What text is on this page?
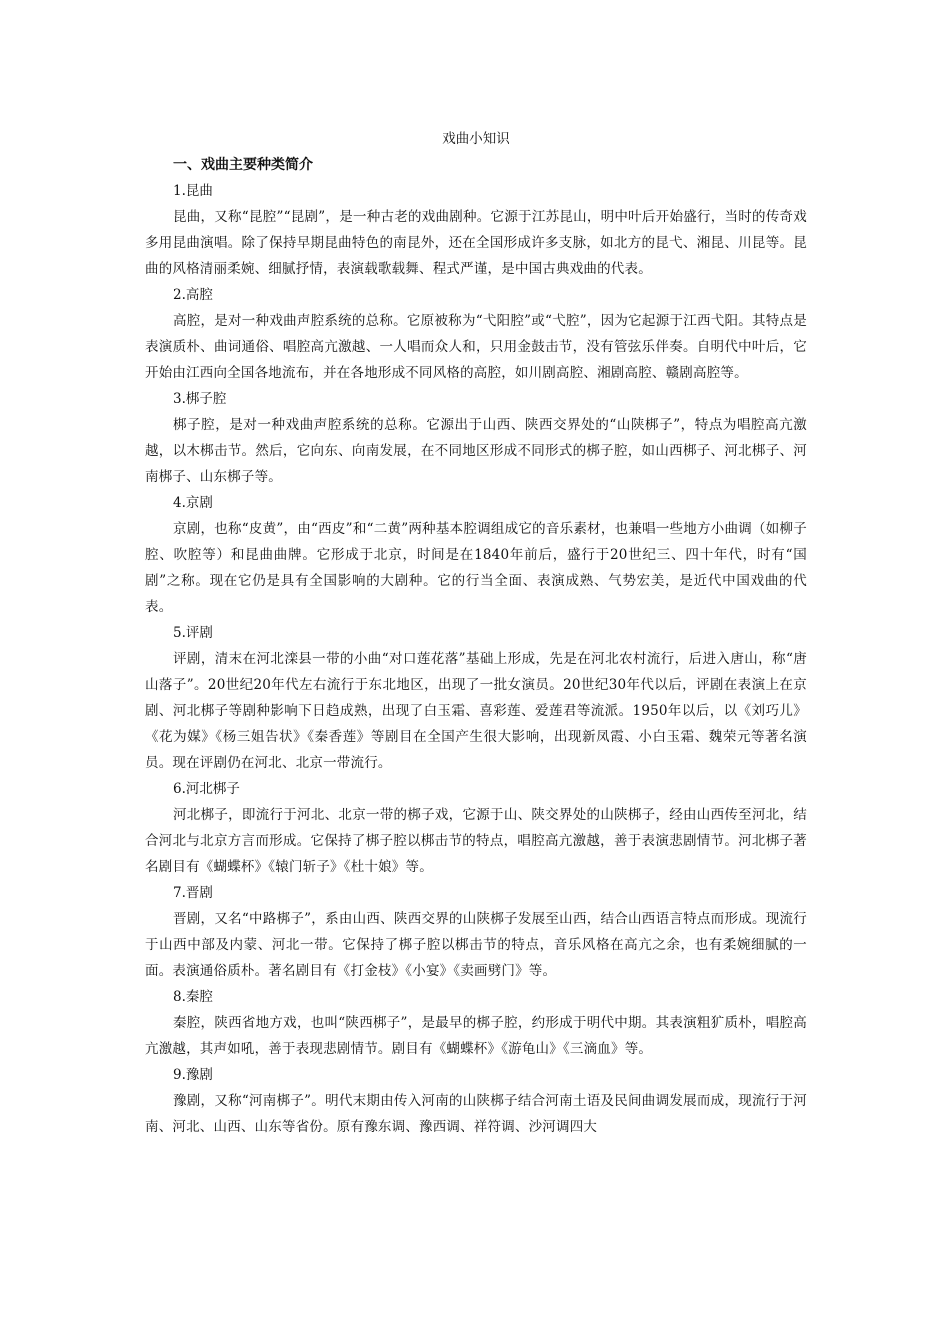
戏曲小知识
一、戏曲主要种类简介

1.昆曲

昆曲，又称“昆腔”“昆剧”，是一种古老的戏曲剧种。它源于江苏昆山，明中叶后开始盛行，当时的传奇戏多用昆曲演唱。除了保持早期昆曲特色的南昆外，还在全国形成许多支脉，如北方的昆弋、湘昆、川昆等。昆曲的风格清丽柔婉、细腻抒情，表演载歌载舞、程式严谨，是中国古典戏曲的代表。

2.高腔

高腔，是对一种戏曲声腔系统的总称。它原被称为“弋阳腔”或“弋腔”，因为它起源于江西弋阳。其特点是表演质朴、曲词通俗、唱腔高亢激越、一人唱而众人和，只用金鼓击节，没有管弦乐伴奏。自明代中叶后，它开始由江西向全国各地流布，并在各地形成不同风格的高腔，如川剧高腔、湘剧高腔、赣剧高腔等。

3.梆子腔

梆子腔，是对一种戏曲声腔系统的总称。它源出于山西、陕西交界处的“山陕梆子”，特点为唱腔高亢激越，以木梆击节。然后，它向东、向南发展，在不同地区形成不同形式的梆子腔，如山西梆子、河北梆子、河南梆子、山东梆子等。

4.京剧

京剧，也称“皮黄”，由“西皮”和“二黄”两种基本腔调组成它的音乐素材，也兼唱一些地方小曲调（如柳子腔、吹腔等）和昆曲曲牌。它形成于北京，时间是在1840年前后，盛行于20世纪三、四十年代，时有“国剧”之称。现在它仍是具有全国影响的大剧种。它的行当全面、表演成熟、气势宏美，是近代中国戏曲的代表。

5.评剧

评剧，清末在河北滦县一带的小曲“对口莲花落”基础上形成，先是在河北农村流行，后进入唐山，称“唐山落子”。20世纪20年代左右流行于东北地区，出现了一批女演员。20世纪30年代以后，评剧在表演上在京剧、河北梆子等剧种影响下日趋成熟，出现了白玉霜、喜彩莲、爱莲君等流派。1950年以后，以《刘巧儿》《花为媒》《杨三姐告状》《秦香莲》等剧目在全国产生很大影响，出现新凤霞、小白玉霜、魏荣元等著名演员。现在评剧仍在河北、北京一带流行。

6.河北梆子

河北梆子，即流行于河北、北京一带的梆子戏，它源于山、陕交界处的山陕梆子，经由山西传至河北，结合河北与北京方言而形成。它保持了梆子腔以梆击节的特点，唱腔高亢激越，善于表演悲剧情节。河北梆子著名剧目有《蝴蝶杯》《辕门斩子》《杜十娘》等。

7.晋剧

晋剧，又名“中路梆子”，系由山西、陕西交界的山陕梆子发展至山西，结合山西语言特点而形成。现流行于山西中部及内蒙、河北一带。它保持了梆子腔以梆击节的特点，音乐风格在高亢之余，也有柔婉细腻的一面。表演通俗质朴。著名剧目有《打金枝》《小宴》《卖画劈门》等。

8.秦腔

秦腔，陕西省地方戏，也叫“陕西梆子”，是最早的梆子腔，约形成于明代中期。其表演粗犷质朴，唱腔高亢激越，其声如吼，善于表现悲剧情节。剧目有《蝴蝶杯》《游龟山》《三滴血》等。

9.豫剧

豫剧，又称“河南梆子”。明代末期由传入河南的山陕梆子结合河南土语及民间曲调发展而成，现流行于河南、河北、山西、山东等省份。原有豫东调、豫西调、祥符调、沙河调四大
